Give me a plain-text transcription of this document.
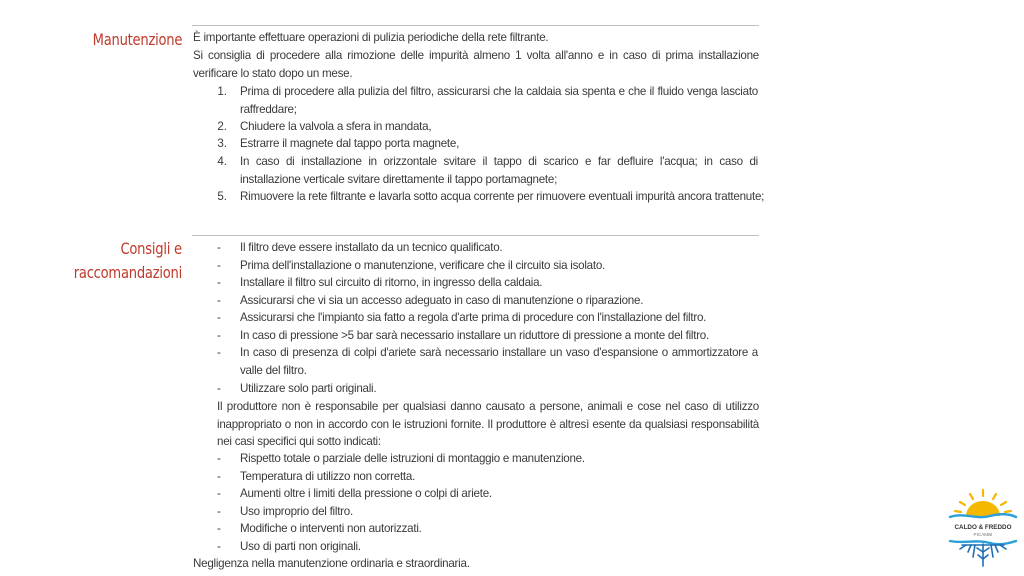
Manutenzione È importante effettuare operazioni di pulizia periodiche della rete filtrante.
Si consiglia di procedere alla rimozione delle impurità almeno 1 volta all'anno e in caso di prima installazione verificare lo stato dopo un mese.
1. Prima di procedere alla pulizia del filtro, assicurarsi che la caldaia sia spenta e che il fluido venga lasciato raffreddare;
2. Chiudere la valvola a sfera in mandata,
3. Estrarre il magnete dal tappo porta magnete,
4. In caso di installazione in orizzontale svitare il tappo di scarico e far defluire l'acqua; in caso di installazione verticale svitare direttamente il tappo portamagnete;
5. Rimuovere la rete filtrante e lavarla sotto acqua corrente per rimuovere eventuali impurità ancora trattenute;
Consigli e
raccomandazioni
- Il filtro deve essere installato da un tecnico qualificato.
- Prima dell'installazione o manutenzione, verificare che il circuito sia isolato.
- Installare il filtro sul circuito di ritorno, in ingresso della caldaia.
- Assicurarsi che vi sia un accesso adeguato in caso di manutenzione o riparazione.
- Assicurarsi che l'impianto sia fatto a regola d'arte prima di procedure con l'installazione del filtro.
- In caso di pressione >5 bar sarà necessario installare un riduttore di pressione a monte del filtro.
- In caso di presenza di colpi d'ariete sarà necessario installare un vaso d'espansione o ammortizzatore a valle del filtro.
- Utilizzare solo parti originali.
Il produttore non è responsabile per qualsiasi danno causato a persone, animali e cose nel caso di utilizzo inappropriato o non in accordo con le istruzioni fornite. Il produttore è altresì esente da qualsiasi responsabilità nei casi specifici qui sotto indicati:
- Rispetto totale o parziale delle istruzioni di montaggio e manutenzione.
- Temperatura di utilizzo non corretta.
- Aumenti oltre i limiti della pressione o colpi di ariete.
- Uso improprio del filtro.
- Modifiche o interventi non autorizzati.
- Uso di parti non originali.
Negligenza nella manutenzione ordinaria e straordinaria.
CALDO & FREDDO
PICAMBI
